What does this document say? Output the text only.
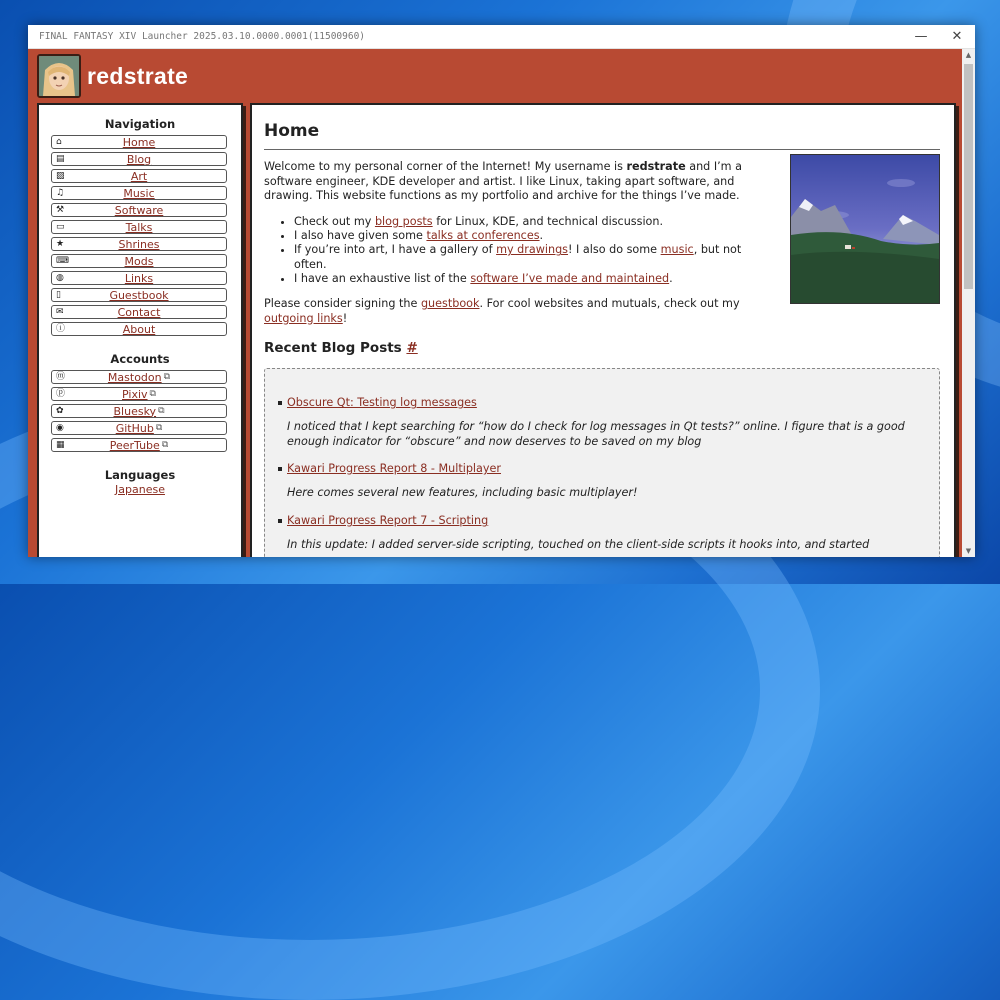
FINAL FANTASY XIV Launcher 2025.03.10.0000.0001(11500960)	— ✕
redstrate
Navigation
⌂	Home
▤	Blog
▨	Art
♫	Music
⚒	Software
▭	Talks
★	Shrines
⌨	Mods
◍	Links
▯	Guestbook
✉	Contact
ⓘ	About
Accounts
ⓜ	Mastodon ⧉
ⓟ	Pixiv ⧉
✿	Bluesky ⧉
◉	GitHub ⧉
▦	PeerTube ⧉
Languages
Japanese
Home
Welcome to my personal corner of the Internet! My username is redstrate and I’m a software engineer, KDE developer and artist. I like Linux, taking apart software, and drawing. This website functions as my portfolio and archive for the things I’ve made.
• Check out my blog posts for Linux, KDE, and technical discussion.
• I also have given some talks at conferences.
• If you’re into art, I have a gallery of my drawings! I also do some music, but not often.
• I have an exhaustive list of the software I’ve made and maintained.
Please consider signing the guestbook. For cool websites and mutuals, check out my outgoing links!
Recent Blog Posts #
Obscure Qt: Testing log messages
I noticed that I kept searching for “how do I check for log messages in Qt tests?” online. I figure that is a good enough indicator for “obscure” and now deserves to be saved on my blog
Kawari Progress Report 8 - Multiplayer
Here comes several new features, including basic multiplayer!
Kawari Progress Report 7 - Scripting
In this update: I added server-side scripting, touched on the client-side scripts it hooks into, and started
▲
▼
